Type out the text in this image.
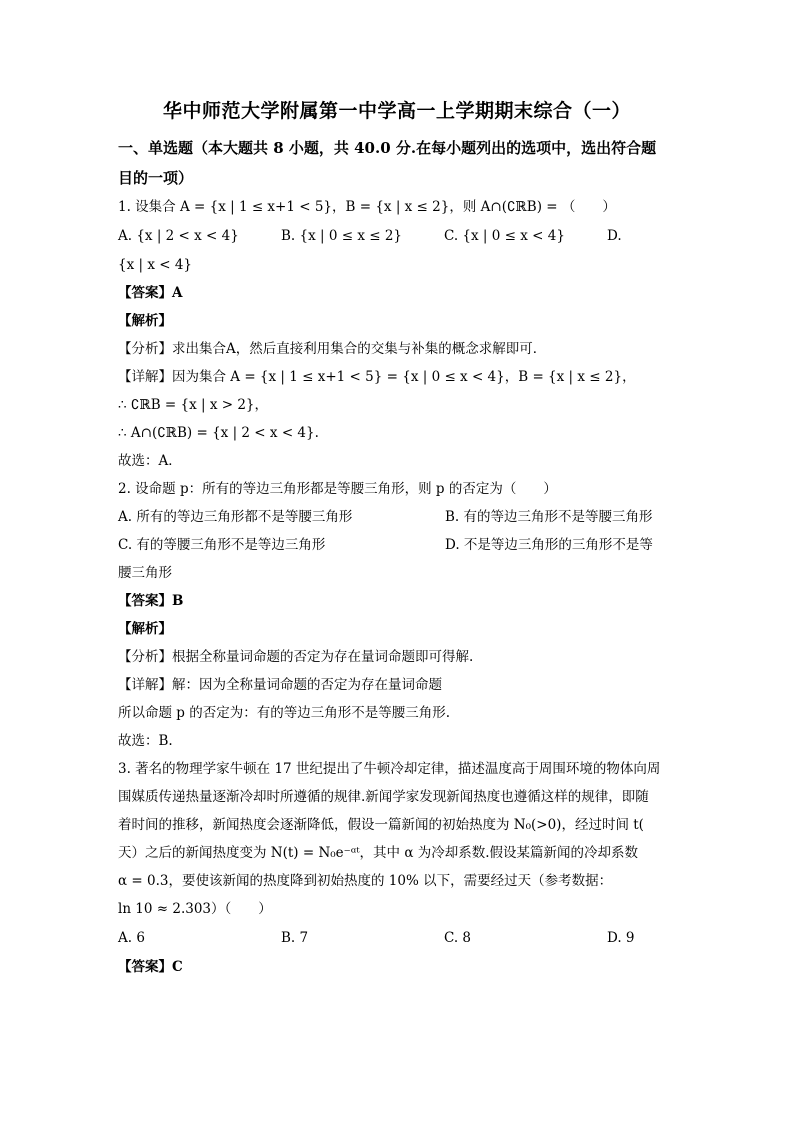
华中师范大学附属第一中学高一上学期期末综合（一）
一、单选题（本大题共 8 小题，共 40.0 分.在每小题列出的选项中，选出符合题
目的一项）
1. 设集合 A = {x | 1 ≤ x+1 < 5}，B = {x | x ≤ 2}，则 A∩(∁ℝB) = （　　）
A. {x | 2 < x < 4}	B. {x | 0 ≤ x ≤ 2}	C. {x | 0 ≤ x < 4}	D.
{x | x < 4}
【答案】A
【解析】
【分析】求出集合A，然后直接利用集合的交集与补集的概念求解即可．
【详解】因为集合 A = {x | 1 ≤ x+1 < 5} = {x | 0 ≤ x < 4}，B = {x | x ≤ 2}，
∴ ∁ℝB = {x | x > 2}，
∴ A∩(∁ℝB) = {x | 2 < x < 4}.
故选：A．
2. 设命题 p：所有的等边三角形都是等腰三角形，则 p 的否定为（　　）
A. 所有的等边三角形都不是等腰三角形	B. 有的等边三角形不是等腰三角形
C. 有的等腰三角形不是等边三角形	D. 不是等边三角形的三角形不是等
腰三角形
【答案】B
【解析】
【分析】根据全称量词命题的否定为存在量词命题即可得解.
【详解】解：因为全称量词命题的否定为存在量词命题
所以命题 p 的否定为：有的等边三角形不是等腰三角形.
故选：B.
3. 著名的物理学家牛顿在 17 世纪提出了牛顿冷却定律，描述温度高于周围环境的物体向周
围媒质传递热量逐渐冷却时所遵循的规律.新闻学家发现新闻热度也遵循这样的规律，即随
着时间的推移，新闻热度会逐渐降低，假设一篇新闻的初始热度为 N₀(>0)，经过时间 t(
天）之后的新闻热度变为 N(t) = N₀e⁻ᵅᵗ，其中 α 为冷却系数.假设某篇新闻的冷却系数
α = 0.3，要使该新闻的热度降到初始热度的 10% 以下，需要经过天（参考数据：
ln 10 ≈ 2.303）（　　）
A. 6	B. 7	C. 8	D. 9
【答案】C
